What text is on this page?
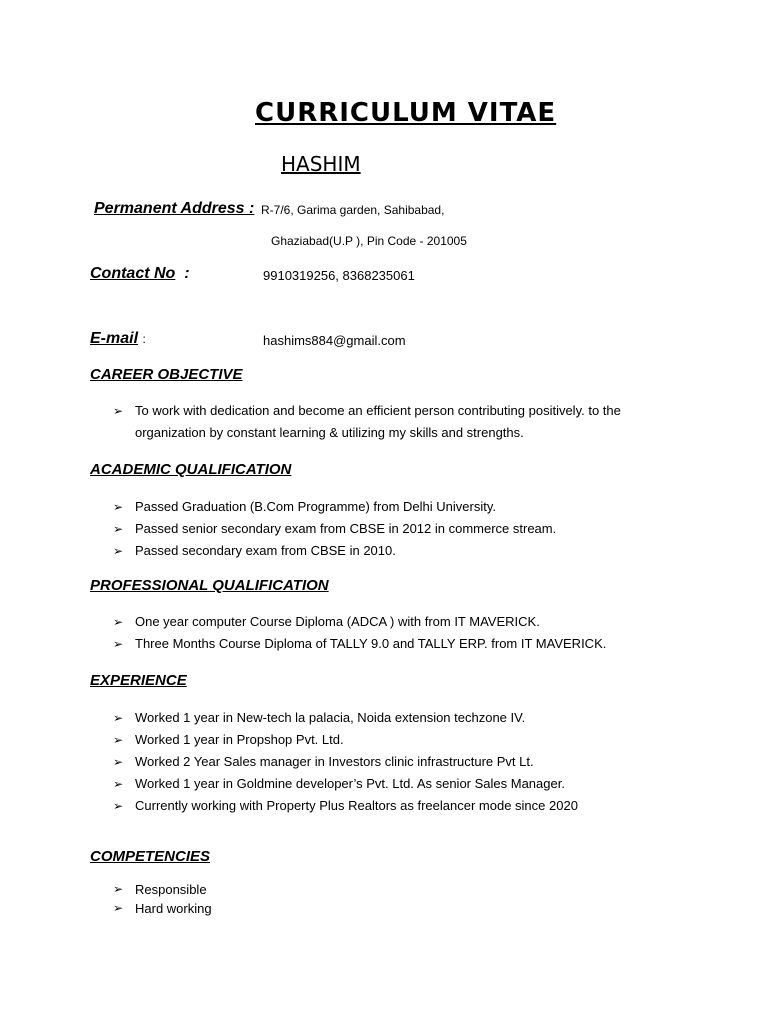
CURRICULUM VITAE
HASHIM
Permanent Address : R-7/6, Garima garden, Sahibabad,
Ghaziabad(U.P ), Pin Code - 201005
Contact No :	9910319256, 8368235061
E-mail :	hashims884@gmail.com
CAREER OBJECTIVE
➢ To work with dedication and become an efficient person contributing positively. to the organization by constant learning & utilizing my skills and strengths.
ACADEMIC QUALIFICATION
➢ Passed Graduation (B.Com Programme) from Delhi University.
➢ Passed senior secondary exam from CBSE in 2012 in commerce stream.
➢ Passed secondary exam from CBSE in 2010.
PROFESSIONAL QUALIFICATION
➢ One year computer Course Diploma (ADCA ) with from IT MAVERICK.
➢ Three Months Course Diploma of TALLY 9.0 and TALLY ERP. from IT MAVERICK.
EXPERIENCE
➢ Worked 1 year in New-tech la palacia, Noida extension techzone IV.
➢ Worked 1 year in Propshop Pvt. Ltd.
➢ Worked 2 Year Sales manager in Investors clinic infrastructure Pvt Lt.
➢ Worked 1 year in Goldmine developer’s Pvt. Ltd. As senior Sales Manager.
➢ Currently working with Property Plus Realtors as freelancer mode since 2020
COMPETENCIES
➢ Responsible
➢ Hard working
